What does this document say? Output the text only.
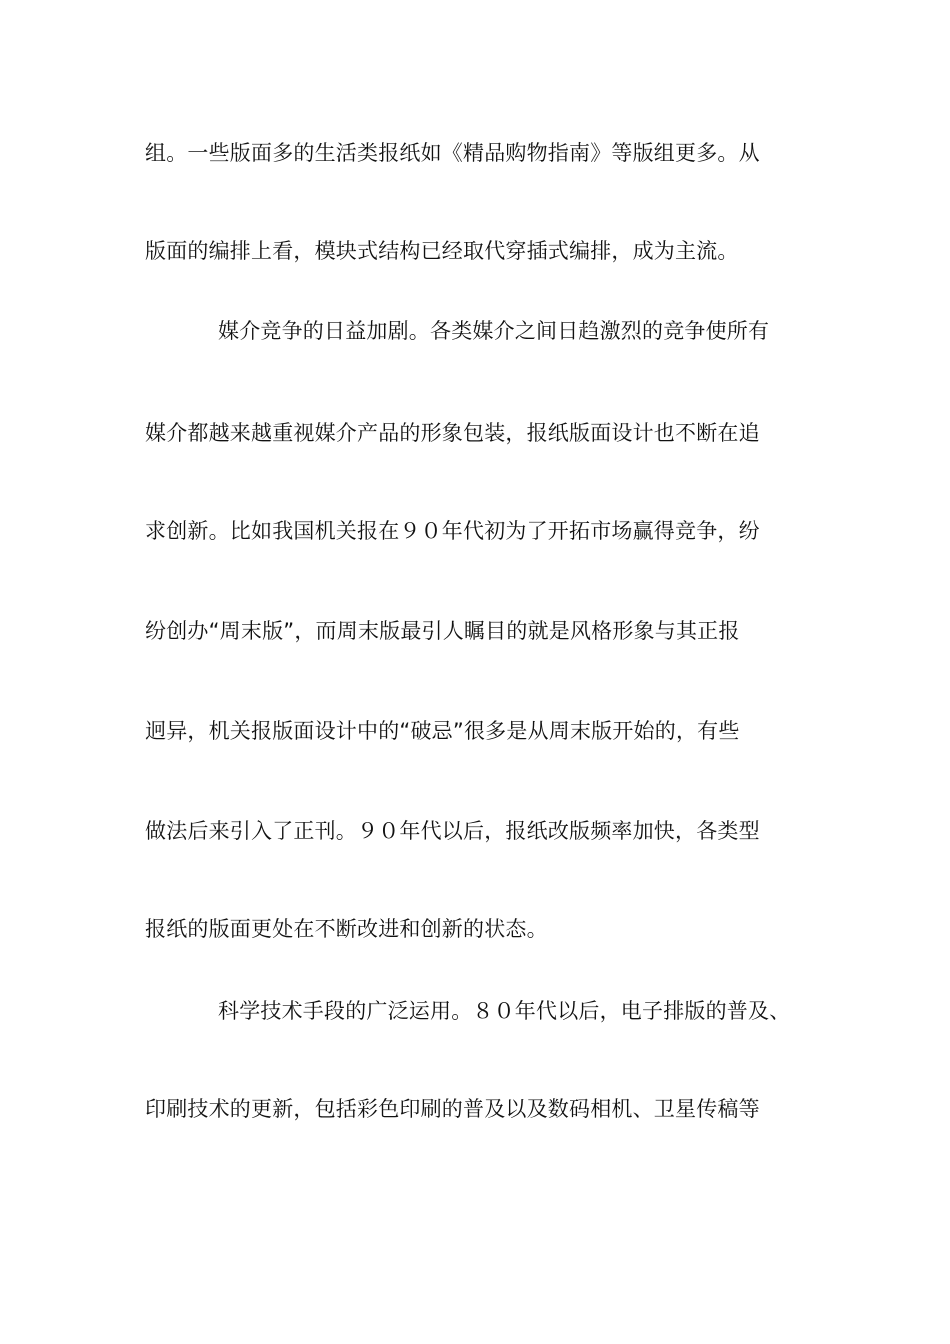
组。一些版面多的生活类报纸如《精品购物指南》等版组更多。从
版面的编排上看，模块式结构已经取代穿插式编排，成为主流。
媒介竞争的日益加剧。各类媒介之间日趋激烈的竞争使所有
媒介都越来越重视媒介产品的形象包装，报纸版面设计也不断在追
求创新。比如我国机关报在９０年代初为了开拓市场赢得竞争，纷
纷创办“周末版”，而周末版最引人瞩目的就是风格形象与其正报
迥异，机关报版面设计中的“破忌”很多是从周末版开始的，有些
做法后来引入了正刊。９０年代以后，报纸改版频率加快，各类型
报纸的版面更处在不断改进和创新的状态。
科学技术手段的广泛运用。８０年代以后，电子排版的普及、
印刷技术的更新，包括彩色印刷的普及以及数码相机、卫星传稿等
